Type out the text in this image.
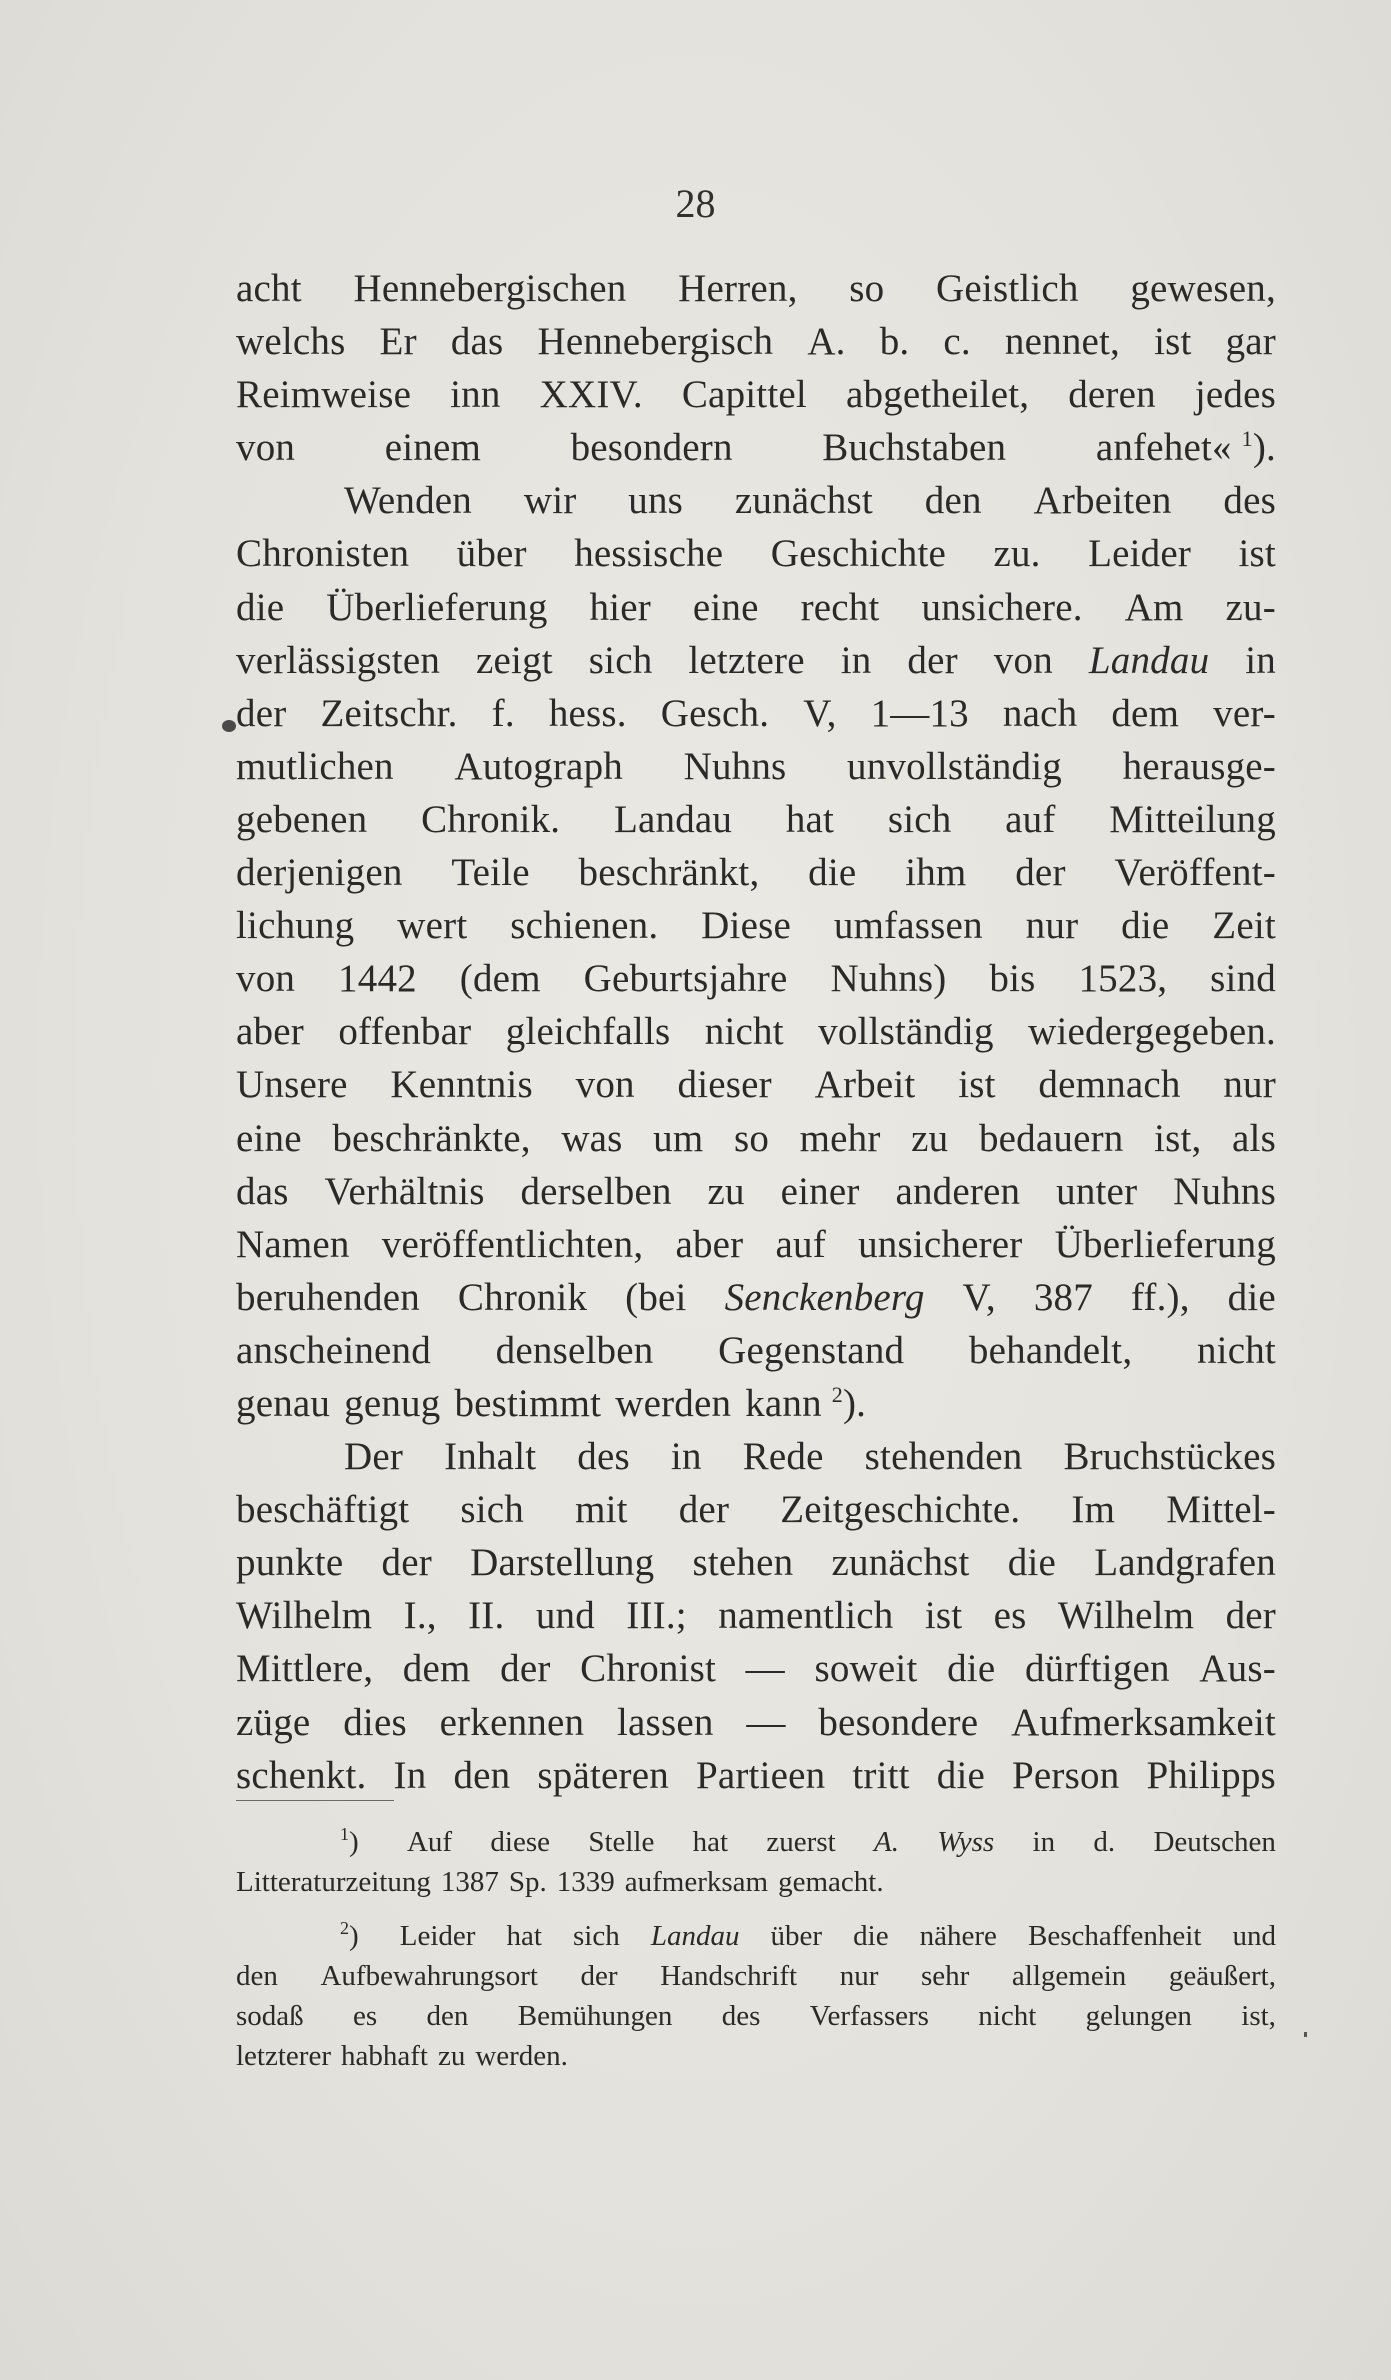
28
acht Hennebergischen Herren, so Geistlich gewesen,
welchs Er das Hennebergisch A. b. c. nennet, ist gar
Reimweise inn XXIV. Capittel abgetheilet, deren jedes
von einem besondern Buchstaben anfehet« $^1$).
Wenden wir uns zunächst den Arbeiten des
Chronisten über hessische Geschichte zu. Leider ist
die Überlieferung hier eine recht unsichere. Am zu-
verlässigsten zeigt sich letztere in der von Landau in
der Zeitschr. f. hess. Gesch. V, 1—13 nach dem ver-
mutlichen Autograph Nuhns unvollständig herausge-
gebenen Chronik. Landau hat sich auf Mitteilung
derjenigen Teile beschränkt, die ihm der Veröffent-
lichung wert schienen. Diese umfassen nur die Zeit
von 1442 (dem Geburtsjahre Nuhns) bis 1523, sind
aber offenbar gleichfalls nicht vollständig wiedergegeben.
Unsere Kenntnis von dieser Arbeit ist demnach nur
eine beschränkte, was um so mehr zu bedauern ist, als
das Verhältnis derselben zu einer anderen unter Nuhns
Namen veröffentlichten, aber auf unsicherer Überlieferung
beruhenden Chronik (bei Senckenberg V, 387 ff.), die
anscheinend denselben Gegenstand behandelt, nicht
genau genug bestimmt werden kann $^2$).
Der Inhalt des in Rede stehenden Bruchstückes
beschäftigt sich mit der Zeitgeschichte. Im Mittel-
punkte der Darstellung stehen zunächst die Landgrafen
Wilhelm I., II. und III.; namentlich ist es Wilhelm der
Mittlere, dem der Chronist — soweit die dürftigen Aus-
züge dies erkennen lassen — besondere Aufmerksamkeit
schenkt. In den späteren Partieen tritt die Person Philipps
$^1$) Auf diese Stelle hat zuerst A. Wyss in d. Deutschen
Litteraturzeitung 1387 Sp. 1339 aufmerksam gemacht.
$^2$) Leider hat sich Landau über die nähere Beschaffenheit und
den Aufbewahrungsort der Handschrift nur sehr allgemein geäußert,
sodaß es den Bemühungen des Verfassers nicht gelungen ist,
letzterer habhaft zu werden.
